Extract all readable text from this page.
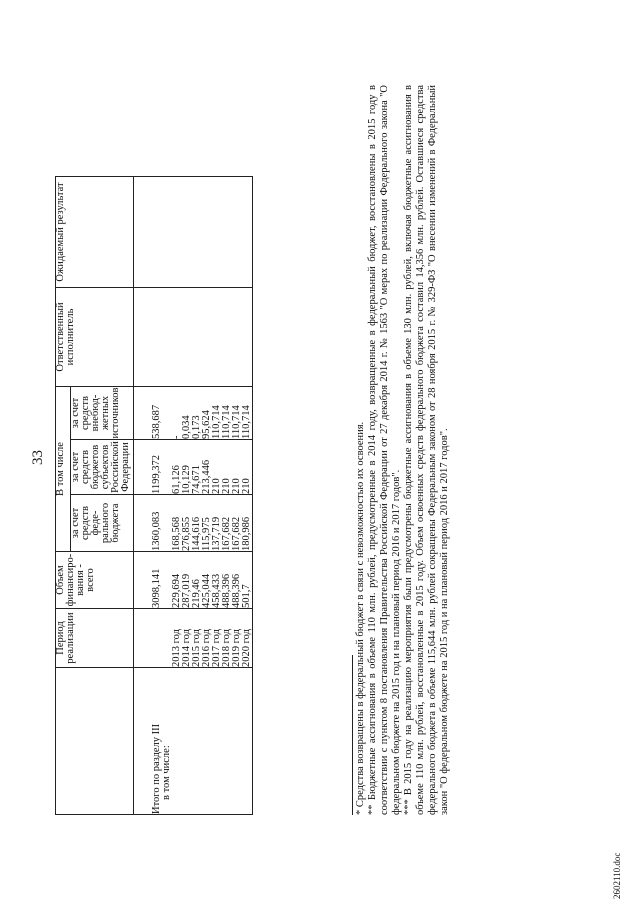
33
	Период реализации	Объем финансиро-вания - всего	В том числе			Ответственный исполнитель	Ожидаемый результат
			за счет средств феде-рального бюджета	за счет средств бюджетов субъектов Российской Федерации	за счет средств внебюд-жетных источников		

Итого по разделу III в том числе:		3098,141	1360,083	1199,372	538,687		
	2013 год	229,694	168,568	61,126	-		
	2014 год	287,019	276,855	10,129	0,034		
	2015 год	219,46	144,616	74,671	0,173		
	2016 год	425,044	115,975	213,446	95,624		
	2017 год	458,433	137,719	210	110,714		
	2018 год	488,396	167,682	210	110,714		
	2019 год	488,396	167,682	210	110,714		
	2020 год	501,7	180,986	210	110,714			* Средства возвращены в федеральный бюджет в связи с невозможностью их освоения. ** Бюджетные ассигнования в объеме 110 млн. рублей, предусмотренные в 2014 году, возвращенные в федеральный бюджет, восстановлены в 2015 году в соответствии с пунктом 8 постановления Правительства Российской Федерации от 27 декабря 2014 г. № 1563 "О мерах по реализации Федерального закона "О федеральном бюджете на 2015 год и на плановый период 2016 и 2017 годов". *** В 2015 году на реализацию мероприятия были предусмотрены бюджетные ассигнования в объеме 130 млн. рублей, включая бюджетные ассигнования в объеме 110 млн. рублей, восстановленные в 2015 году. Объем освоенных средств федерального бюджета составил 14,356 млн. рублей. Оставшиеся средства федерального бюджета в объеме 115,644 млн. рублей сокращены Федеральным законом от 28 ноября 2015 г. № 329-ФЗ "О внесении изменений в Федеральный закон "О федеральном бюджете на 2015 год и на плановый период 2016 и 2017 годов".

2602110.doc
